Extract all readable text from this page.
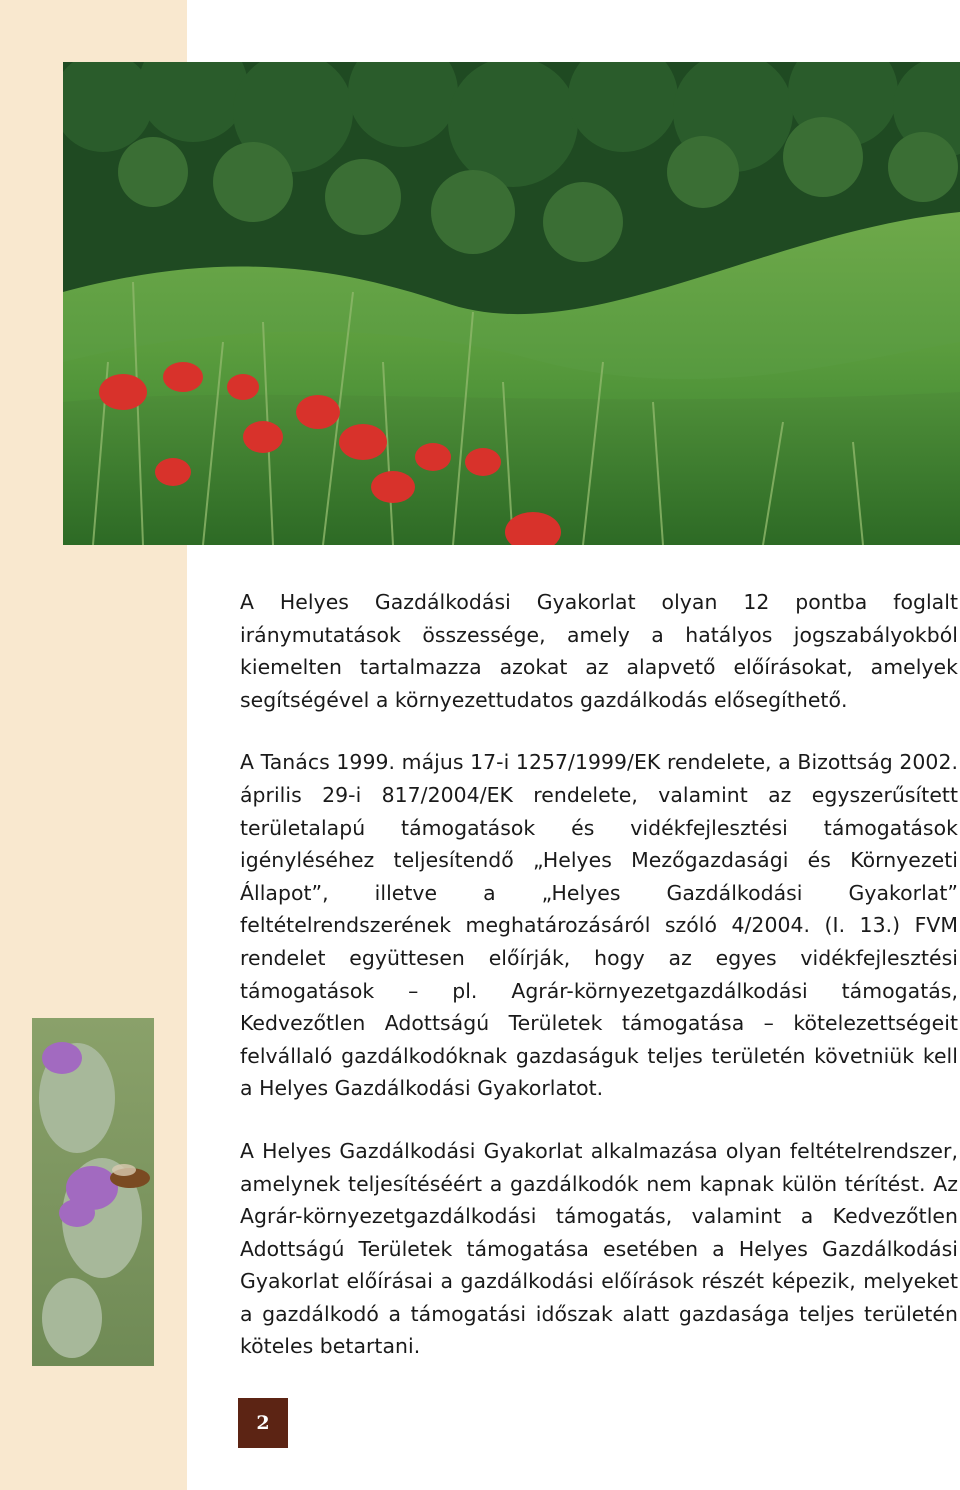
A Helyes Gazdálkodási Gyakorlat olyan 12 pontba foglalt iránymutatások összessége, amely a hatályos jogszabályokból kiemelten tartalmazza azokat az alapvető előírásokat, amelyek segítségével a környezettudatos gazdálkodás elősegíthető.

A Tanács 1999. május 17-i 1257/1999/EK rendelete, a Bizottság 2002. április 29-i 817/2004/EK rendelete, valamint az egyszerűsített területalapú támogatások és vidékfejlesztési támogatások igényléséhez teljesítendő „Helyes Mezőgazdasági és Környezeti Állapot”, illetve a „Helyes Gazdálkodási Gyakorlat” feltételrendszerének meghatározásáról szóló 4/2004. (I. 13.) FVM rendelet együttesen előírják, hogy az egyes vidékfejlesztési támogatások – pl. Agrár-környezetgazdálkodási támogatás, Kedvezőtlen Adottságú Területek támogatása – kötelezettségeit felvállaló gazdálkodóknak gazdaságuk teljes területén követniük kell a Helyes Gazdálkodási Gyakorlatot.

A Helyes Gazdálkodási Gyakorlat alkalmazása olyan feltételrendszer, amelynek teljesítéséért a gazdálkodók nem kapnak külön térítést. Az Agrár-környezetgazdálkodási támogatás, valamint a Kedvezőtlen Adottságú Területek támogatása esetében a Helyes Gazdálkodási Gyakorlat előírásai a gazdálkodási előírások részét képezik, melyeket a gazdálkodó a támogatási időszak alatt gazdasága teljes területén köteles betartani.

2
